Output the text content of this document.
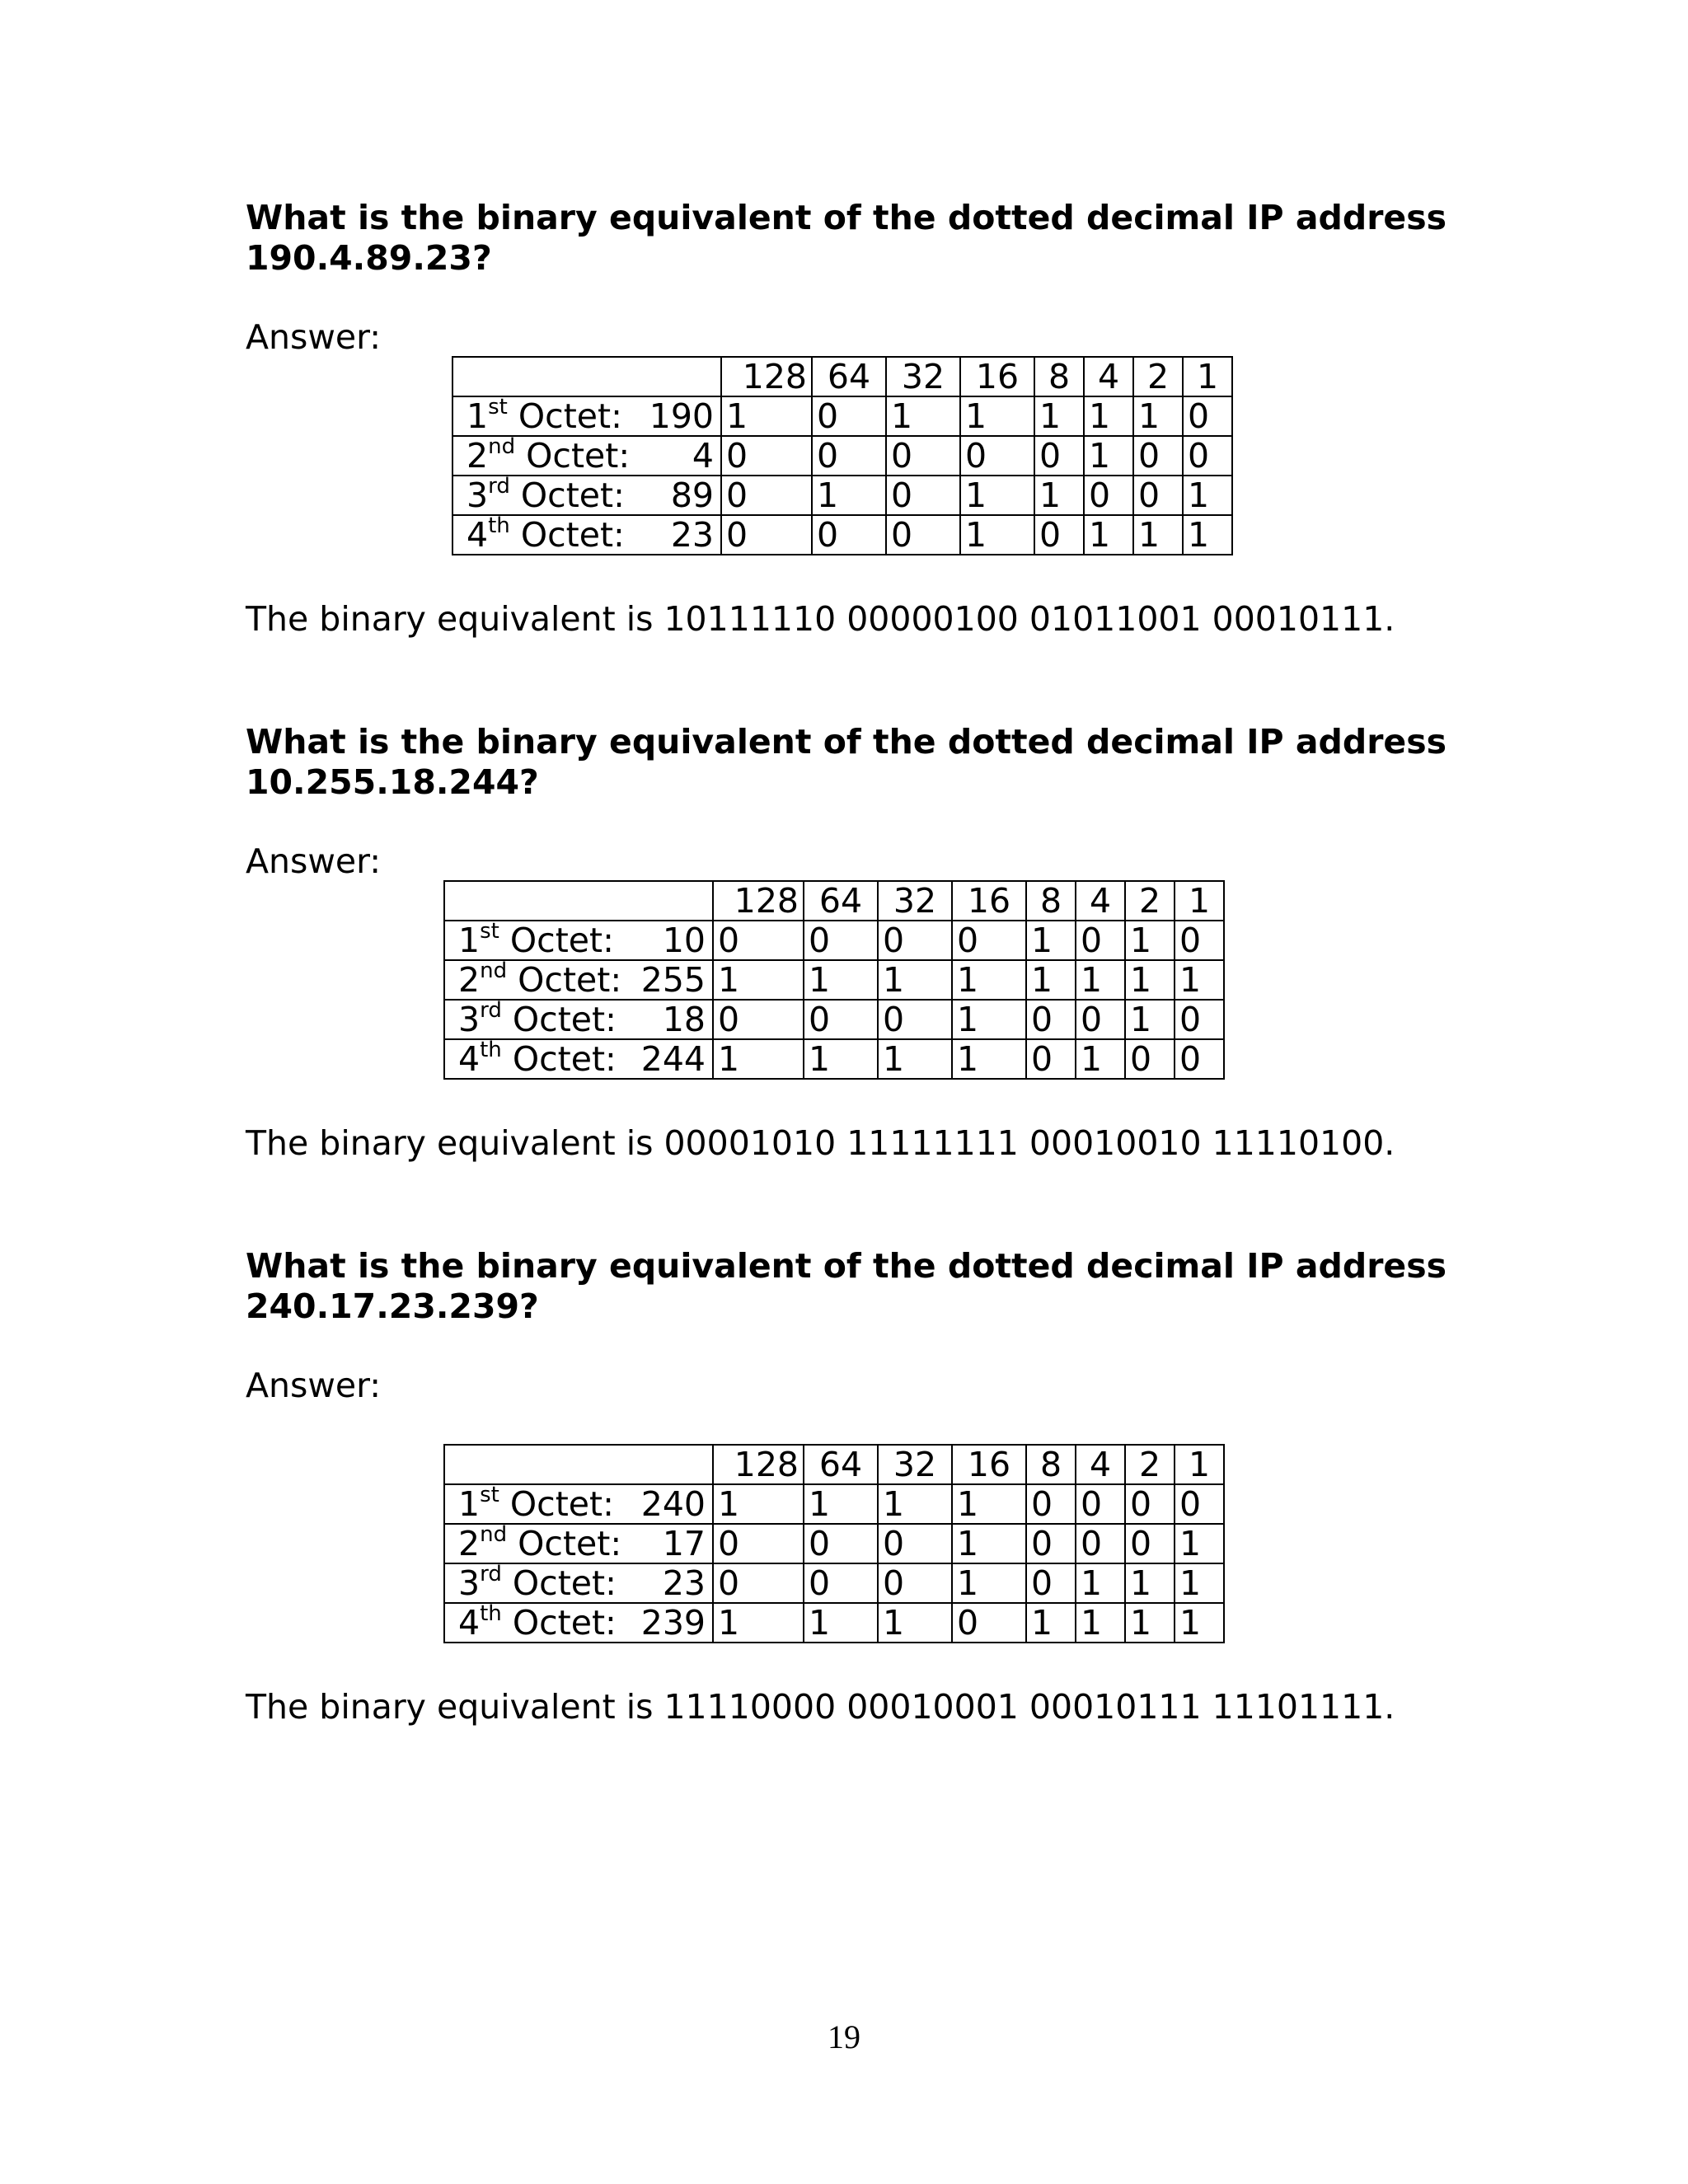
What is the binary equivalent of the dotted decimal IP address
190.4.89.23?

Answer:

	128	64	32	16	8	4	2	1

1st Octet: 190	1	0	1	1	1	1	1	0

2nd Octet: 4	0	0	0	0	0	1	0	0

3rd Octet: 89	0	1	0	1	1	0	0	1

4th Octet: 23	0	0	0	1	0	1	1	1

The binary equivalent is 10111110 00000100 01011001 00010111.

What is the binary equivalent of the dotted decimal IP address
10.255.18.244?

Answer:

	128	64	32	16	8	4	2	1

1st Octet: 10	0	0	0	0	1	0	1	0

2nd Octet: 255	1	1	1	1	1	1	1	1

3rd Octet: 18	0	0	0	1	0	0	1	0

4th Octet: 244	1	1	1	1	0	1	0	0

The binary equivalent is 00001010 11111111 00010010 11110100.

What is the binary equivalent of the dotted decimal IP address
240.17.23.239?

Answer:

	128	64	32	16	8	4	2	1

1st Octet: 240	1	1	1	1	0	0	0	0

2nd Octet: 17	0	0	0	1	0	0	0	1

3rd Octet: 23	0	0	0	1	0	1	1	1

4th Octet: 239	1	1	1	0	1	1	1	1

The binary equivalent is 11110000 00010001 00010111 11101111.

19
